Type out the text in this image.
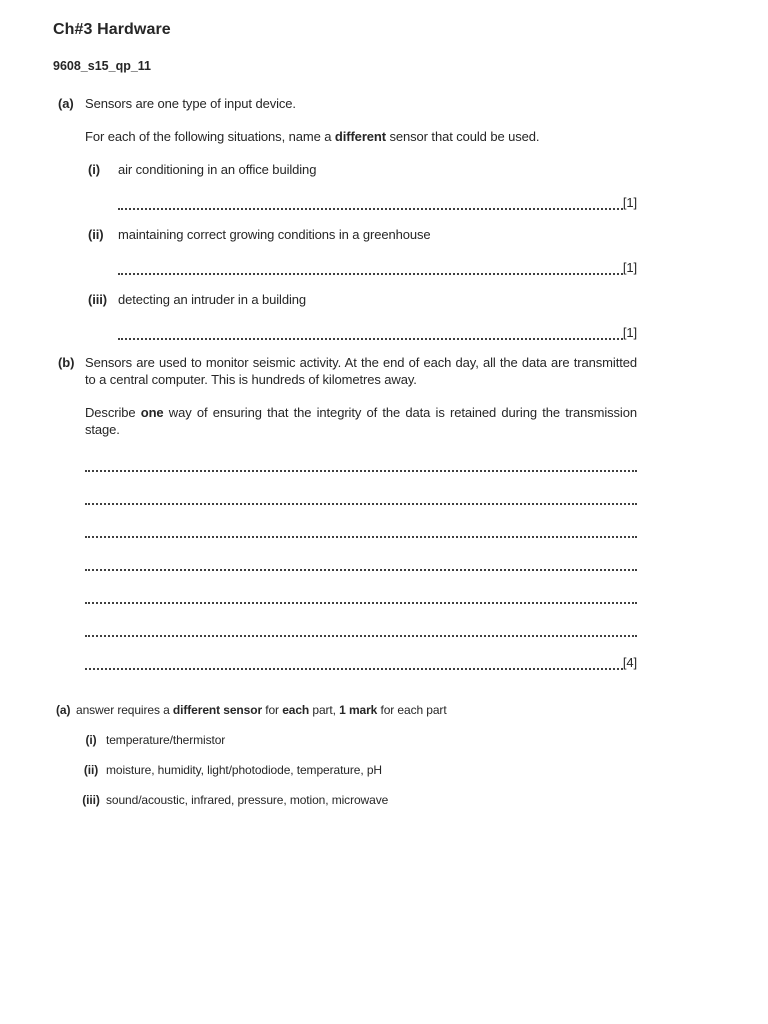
Ch#3 Hardware
9608_s15_qp_11
(a) Sensors are one type of input device.

For each of the following situations, name a different sensor that could be used.

(i)	air conditioning in an office building

[1]
(ii)	maintaining correct growing conditions in a greenhouse

[1]
(iii) detecting an intruder in a building

[1]
(b) Sensors are used to monitor seismic activity. At the end of each day, all the data are transmitted to a central computer. This is hundreds of kilometres away.

Describe one way of ensuring that the integrity of the data is retained during the transmission stage.

[4]
(a) answer requires a different sensor for each part, 1 mark for each part

(i) temperature/thermistor
(ii) moisture, humidity, light/photodiode, temperature, pH
(iii) sound/acoustic, infrared, pressure, motion, microwave
